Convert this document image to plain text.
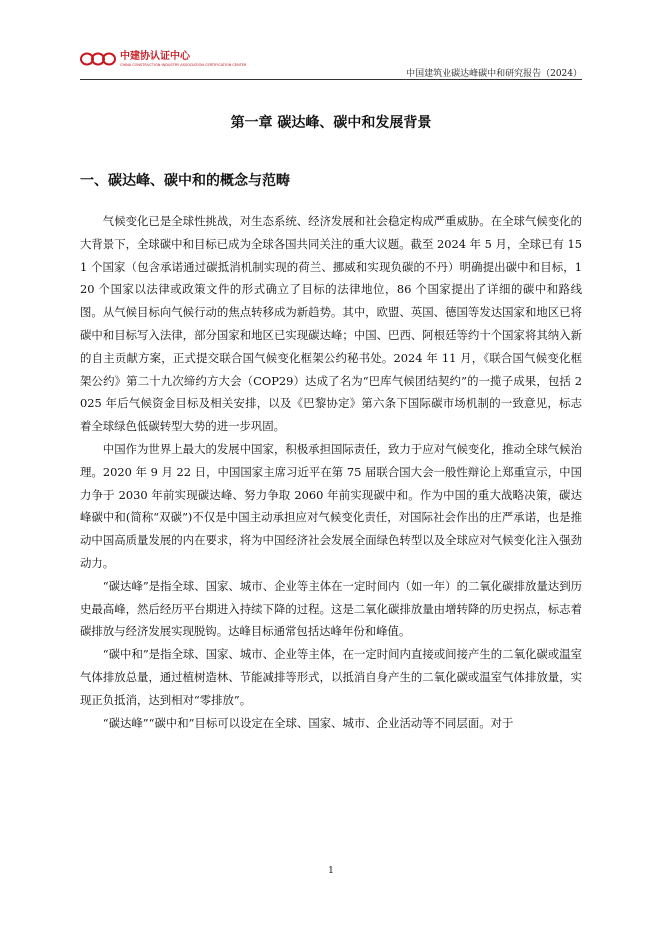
中建协认证中心
CHINA CONSTRUCTION INDUSTRY ASSOCIATION CERTIFICATION CENTER
中国建筑业碳达峰碳中和研究报告（2024）
第一章 碳达峰、碳中和发展背景
一、碳达峰、碳中和的概念与范畴

气候变化已是全球性挑战，对生态系统、经济发展和社会稳定构成严重威胁。在全球气候变化的大背景下，全球碳中和目标已成为全球各国共同关注的重大议题。截至 2024 年 5 月，全球已有 151 个国家（包含承诺通过碳抵消机制实现的荷兰、挪威和实现负碳的不丹）明确提出碳中和目标，120 个国家以法律或政策文件的形式确立了目标的法律地位，86 个国家提出了详细的碳中和路线图。从气候目标向气候行动的焦点转移成为新趋势。其中，欧盟、英国、德国等发达国家和地区已将碳中和目标写入法律，部分国家和地区已实现碳达峰；中国、巴西、阿根廷等约十个国家将其纳入新的自主贡献方案，正式提交联合国气候变化框架公约秘书处。2024 年 11 月，《联合国气候变化框架公约》第二十九次缔约方大会（COP29）达成了名为“巴库气候团结契约”的一揽子成果，包括 2025 年后气候资金目标及相关安排，以及《巴黎协定》第六条下国际碳市场机制的一致意见，标志着全球绿色低碳转型大势的进一步巩固。

中国作为世界上最大的发展中国家，积极承担国际责任，致力于应对气候变化，推动全球气候治理。2020 年 9 月 22 日，中国国家主席习近平在第 75 届联合国大会一般性辩论上郑重宣示，中国力争于 2030 年前实现碳达峰、努力争取 2060 年前实现碳中和。作为中国的重大战略决策，碳达峰碳中和(简称“双碳”)不仅是中国主动承担应对气候变化责任，对国际社会作出的庄严承诺，也是推动中国高质量发展的内在要求，将为中国经济社会发展全面绿色转型以及全球应对气候变化注入强劲动力。

“碳达峰”是指全球、国家、城市、企业等主体在一定时间内（如一年）的二氧化碳排放量达到历史最高峰，然后经历平台期进入持续下降的过程。这是二氧化碳排放量由增转降的历史拐点，标志着碳排放与经济发展实现脱钩。达峰目标通常包括达峰年份和峰值。

“碳中和”是指全球、国家、城市、企业等主体，在一定时间内直接或间接产生的二氧化碳或温室气体排放总量，通过植树造林、节能减排等形式，以抵消自身产生的二氧化碳或温室气体排放量，实现正负抵消，达到相对“零排放”。

“碳达峰”“碳中和”目标可以设定在全球、国家、城市、企业活动等不同层面。对于

1
